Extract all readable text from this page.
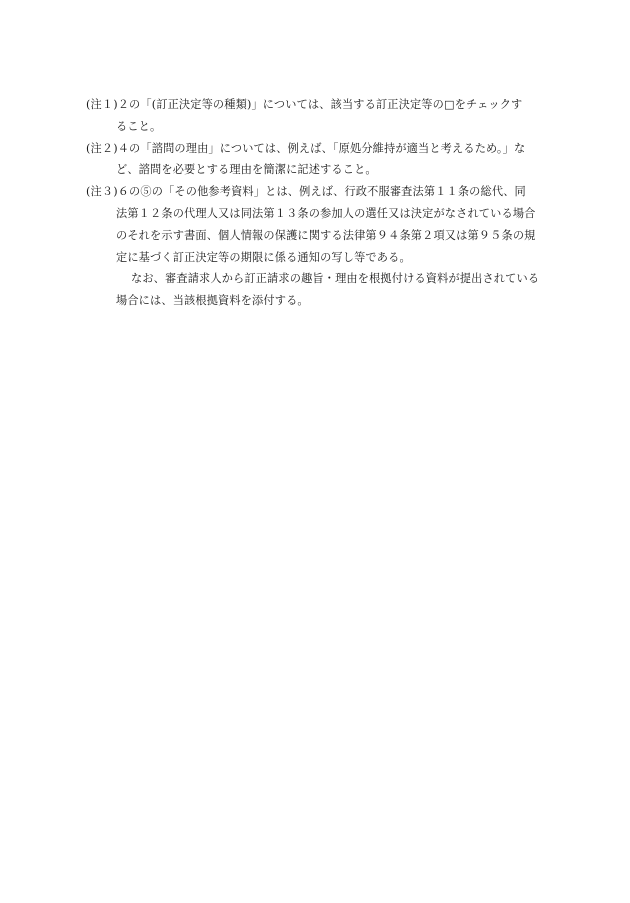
(注１)２の「(訂正決定等の種類)」については、該当する訂正決定等の□をチェックす
ること。
(注２)４の「諮問の理由」については、例えば、「原処分維持が適当と考えるため。」な
ど、諮問を必要とする理由を簡潔に記述すること。
(注３)６の⑤の「その他参考資料」とは、例えば、行政不服審査法第１１条の総代、同
法第１２条の代理人又は同法第１３条の参加人の選任又は決定がなされている場合
のそれを示す書面、個人情報の保護に関する法律第９４条第２項又は第９５条の規
定に基づく訂正決定等の期限に係る通知の写し等である。
なお、審査請求人から訂正請求の趣旨・理由を根拠付ける資料が提出されている
場合には、当該根拠資料を添付する。
